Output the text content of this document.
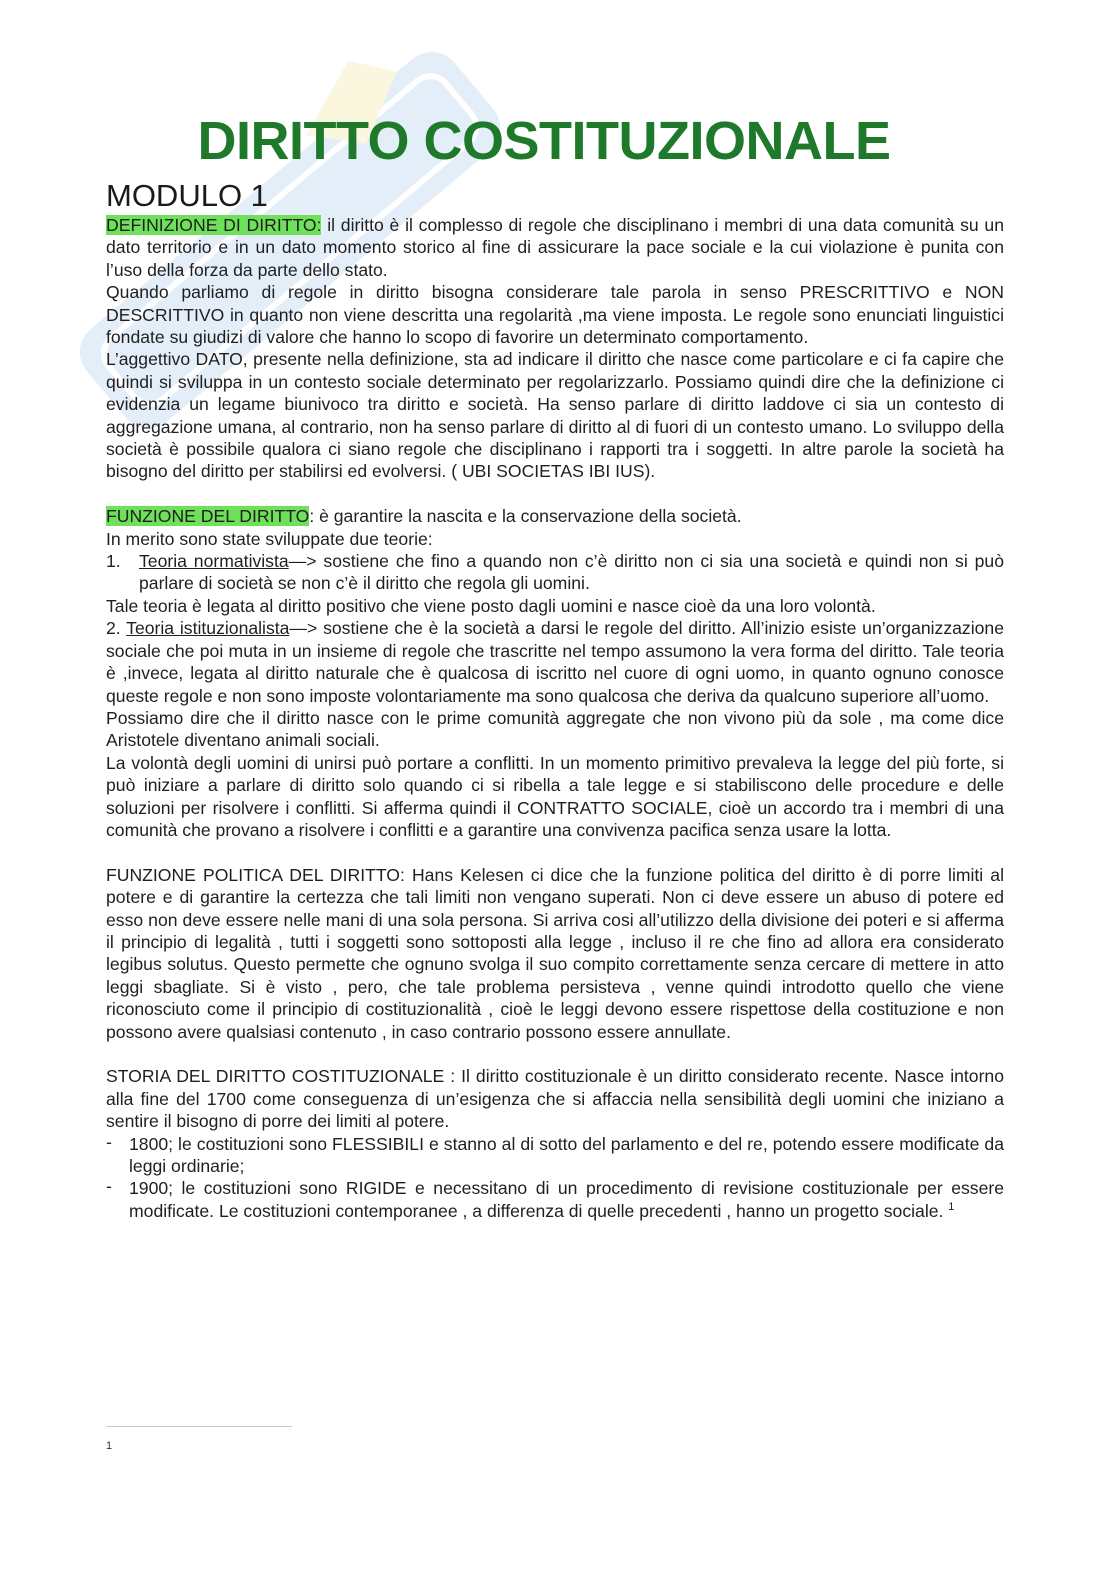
DIRITTO COSTITUZIONALE
MODULO 1

DEFINIZIONE DI DIRITTO: il diritto è il complesso di regole che disciplinano i membri di una data comunità su un dato territorio e in un dato momento storico al fine di assicurare la pace sociale e la cui violazione è punita con l’uso della forza da parte dello stato.

Quando parliamo di regole in diritto bisogna considerare tale parola in senso PRESCRITTIVO e NON DESCRITTIVO in quanto non viene descritta una regolarità ,ma viene imposta. Le regole sono enunciati linguistici fondate su giudizi di valore che hanno lo scopo di favorire un determinato comportamento.

L’aggettivo DATO, presente nella definizione, sta ad indicare il diritto che nasce come particolare e ci fa capire che quindi si sviluppa in un contesto sociale determinato per regolarizzarlo. Possiamo quindi dire che la definizione ci evidenzia un legame biunivoco tra diritto e società. Ha senso parlare di diritto laddove ci sia un contesto di aggregazione umana, al contrario, non ha senso parlare di diritto al di fuori di un contesto umano. Lo sviluppo della società è possibile qualora ci siano regole che disciplinano i rapporti tra i soggetti. In altre parole la società ha bisogno del diritto per stabilirsi ed evolversi. ( UBI SOCIETAS IBI IUS).

FUNZIONE DEL DIRITTO: è garantire la nascita e la conservazione della società.

In merito sono state sviluppate due teorie:

1. Teoria normativista—> sostiene che fino a quando non c’è diritto non ci sia una società e quindi non si può parlare di società se non c’è il diritto che regola gli uomini.

Tale teoria è legata al diritto positivo che viene posto dagli uomini e nasce cioè da una loro volontà.

2. Teoria istituzionalista—> sostiene che è la società a darsi le regole del diritto. All’inizio esiste un’organizzazione sociale che poi muta in un insieme di regole che trascritte nel tempo assumono la vera forma del diritto. Tale teoria è ,invece, legata al diritto naturale che è qualcosa di iscritto nel cuore di ogni uomo, in quanto ognuno conosce queste regole e non sono imposte volontariamente ma sono qualcosa che deriva da qualcuno superiore all’uomo.

Possiamo dire che il diritto nasce con le prime comunità aggregate che non vivono più da sole , ma come dice Aristotele diventano animali sociali.

La volontà degli uomini di unirsi può portare a conflitti. In un momento primitivo prevaleva la legge del più forte, si può iniziare a parlare di diritto solo quando ci si ribella a tale legge e si stabiliscono delle procedure e delle soluzioni per risolvere i conflitti. Si afferma quindi il CONTRATTO SOCIALE, cioè un accordo tra i membri di una comunità che provano a risolvere i conflitti e a garantire una convivenza pacifica senza usare la lotta.

FUNZIONE POLITICA DEL DIRITTO: Hans Kelesen ci dice che la funzione politica del diritto è di porre limiti al potere e di garantire la certezza che tali limiti non vengano superati. Non ci deve essere un abuso di potere ed esso non deve essere nelle mani di una sola persona. Si arriva cosi all’utilizzo della divisione dei poteri e si afferma il principio di legalità , tutti i soggetti sono sottoposti alla legge , incluso il re che fino ad allora era considerato legibus solutus. Questo permette che ognuno svolga il suo compito correttamente senza cercare di mettere in atto leggi sbagliate. Si è visto , pero, che tale problema persisteva , venne quindi introdotto quello che viene riconosciuto come il principio di costituzionalità , cioè le leggi devono essere rispettose della costituzione e non possono avere qualsiasi contenuto , in caso contrario possono essere annullate.

STORIA DEL DIRITTO COSTITUZIONALE : Il diritto costituzionale è un diritto considerato recente. Nasce intorno alla fine del 1700 come conseguenza di un’esigenza che si affaccia nella sensibilità degli uomini che iniziano a sentire il bisogno di porre dei limiti al potere.

- 1800; le costituzioni sono FLESSIBILI e stanno al di sotto del parlamento e del re, potendo essere modificate da leggi ordinarie;
- 1900; le costituzioni sono RIGIDE e necessitano di un procedimento di revisione costituzionale per essere modificate. Le costituzioni contemporanee , a differenza di quelle precedenti , hanno un progetto sociale. $^1$
1
